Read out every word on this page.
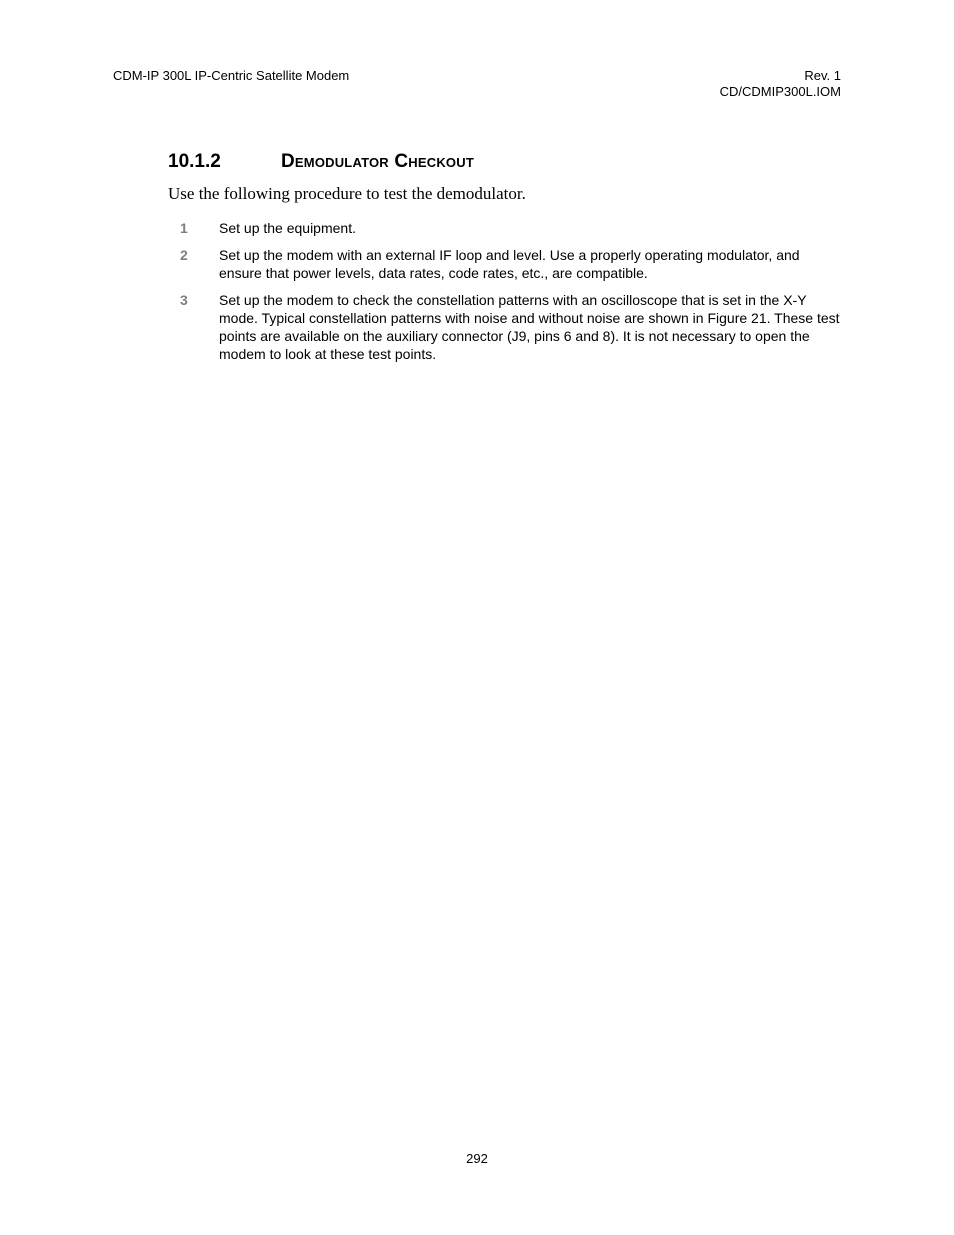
CDM-IP 300L IP-Centric Satellite Modem	Rev. 1
CD/CDMIP300L.IOM
10.1.2	Demodulator Checkout
Use the following procedure to test the demodulator.
1	Set up the equipment.
2	Set up the modem with an external IF loop and level. Use a properly operating modulator, and ensure that power levels, data rates, code rates, etc., are compatible.
3	Set up the modem to check the constellation patterns with an oscilloscope that is set in the X-Y mode. Typical constellation patterns with noise and without noise are shown in Figure 21. These test points are available on the auxiliary connector (J9, pins 6 and 8). It is not necessary to open the modem to look at these test points.
292
